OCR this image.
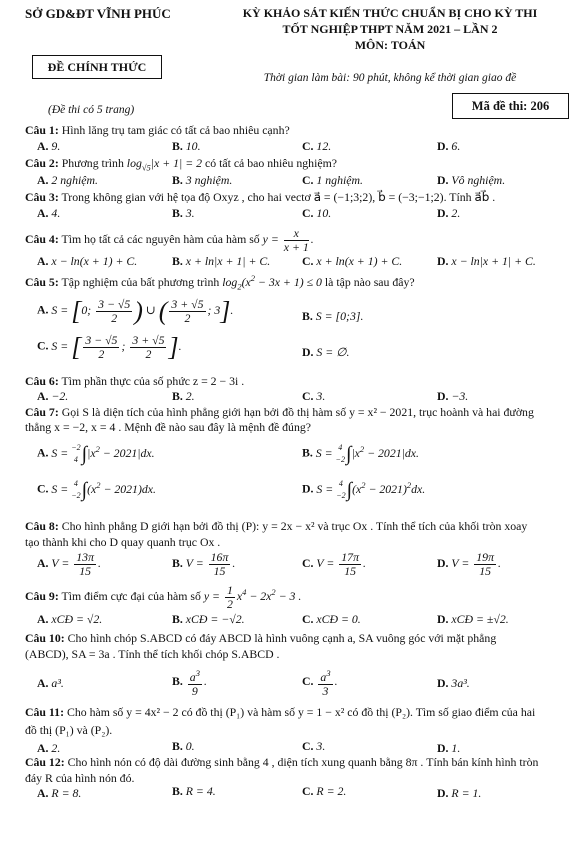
SỞ GD&ĐT VĨNH PHÚC
ĐỀ CHÍNH THỨC
KỲ KHẢO SÁT KIẾN THỨC CHUẨN BỊ CHO KỲ THI
TỐT NGHIỆP THPT NĂM 2021 – LẦN 2
MÔN: TOÁN
Thời gian làm bài: 90 phút, không kể thời gian giao đề
(Đề thi có 5 trang)	Mã đề thi: 206
Câu 1: Hình lăng trụ tam giác có tất cả bao nhiêu cạnh?
A. 9.	B. 10.	C. 12.	D. 6.
Câu 2: Phương trình $\log_{√5}|x + 1| = 2$ có tất cả bao nhiêu nghiệm?
A. 2 nghiệm.	B. 3 nghiệm.	C. 1 nghiệm.	D. Vô nghiệm.
Câu 3: Trong không gian với hệ tọa độ Oxyz , cho hai vectơ a⃗ = (−1;3;2), b⃗ = (−3;−1;2). Tính a⃗b⃗ .
A. 4.	B. 3.	C. 10.	D. 2.
Câu 4: Tìm họ tất cả các nguyên hàm của hàm số $y = \frac{x}{x + 1}$ .
A. x − ln(x + 1) + C.	B. x + ln|x + 1| + C.	C. x + ln(x + 1) + C.	D. x − ln|x + 1| + C.
Câu 5: Tập nghiệm của bất phương trình $\log_2(x^2 - 3x + 1) \le 0$ là tập nào sau đây?
A. S = [0; $\frac{3 - √5}{2}$ ) ∪ ( $\frac{3 + √5}{2}$ ; 3].	B. S = [0;3].
C. S = [ $\frac{3 - √5}{2}$ ; $\frac{3 + √5}{2}$ ].	D. S = ∅.
Câu 6: Tìm phần thực của số phức z = 2 − 3i .
A. −2.	B. 2.	C. 3.	D. −3.
Câu 7: Gọi S là diện tích của hình phẳng giới hạn bởi đồ thị hàm số y = x² − 2021, trục hoành và hai đường
thẳng x = −2, x = 4 . Mệnh đề nào sau đây là mệnh đề đúng?
A. S = −2
4 $\int|x^2 - 2021|dx$.	B. S = 4
$-2\int|x^2 - 2021|dx$.
C. S = 4
$-2\int(x^2 - 2021)dx$.	D. S = 4
$-2\int(x^2 - 2021)^2dx$.
Câu 8: Cho hình phẳng D giới hạn bởi đồ thị (P): y = 2x − x² và trục Ox . Tính thể tích của khối tròn xoay
tạo thành khi cho D quay quanh trục Ox .
A. $V = \frac{13\pi}{15}$ .	B. $V = \frac{16\pi}{15}$ .	C. $V = \frac{17\pi}{15}$ .	D. $V = \frac{19\pi}{15}$ .
Câu 9: Tìm điểm cực đại của hàm số $y = \frac{1}{2} x^4 - 2x^2 - 3$ .
A. xCĐ = √2.	B. xCĐ = −√2.	C. xCĐ = 0.	D. xCĐ = ±√2.
Câu 10: Cho hình chóp S.ABCD có đáy ABCD là hình vuông cạnh a, SA vuông góc với mặt phẳng
(ABCD), SA = 3a . Tính thể tích khối chóp S.ABCD .
A. a³.	B. $\frac{a^3}{9}$ .	C. $\frac{a^3}{3}$ .	D. 3a³.
Câu 11: Cho hàm số y = 4x² − 2 có đồ thị (P₁) và hàm số y = 1 − x² có đồ thị (P₂). Tìm số giao điểm của hai
đồ thị (P₁) và (P₂).
A. 2.	B. 0.	C. 3.	D. 1.
Câu 12: Cho hình nón có độ dài đường sinh bằng 4 , diện tích xung quanh bằng 8π . Tính bán kính hình tròn
đáy R của hình nón đó.
A. R = 8.	B. R = 4.	C. R = 2.	D. R = 1.
